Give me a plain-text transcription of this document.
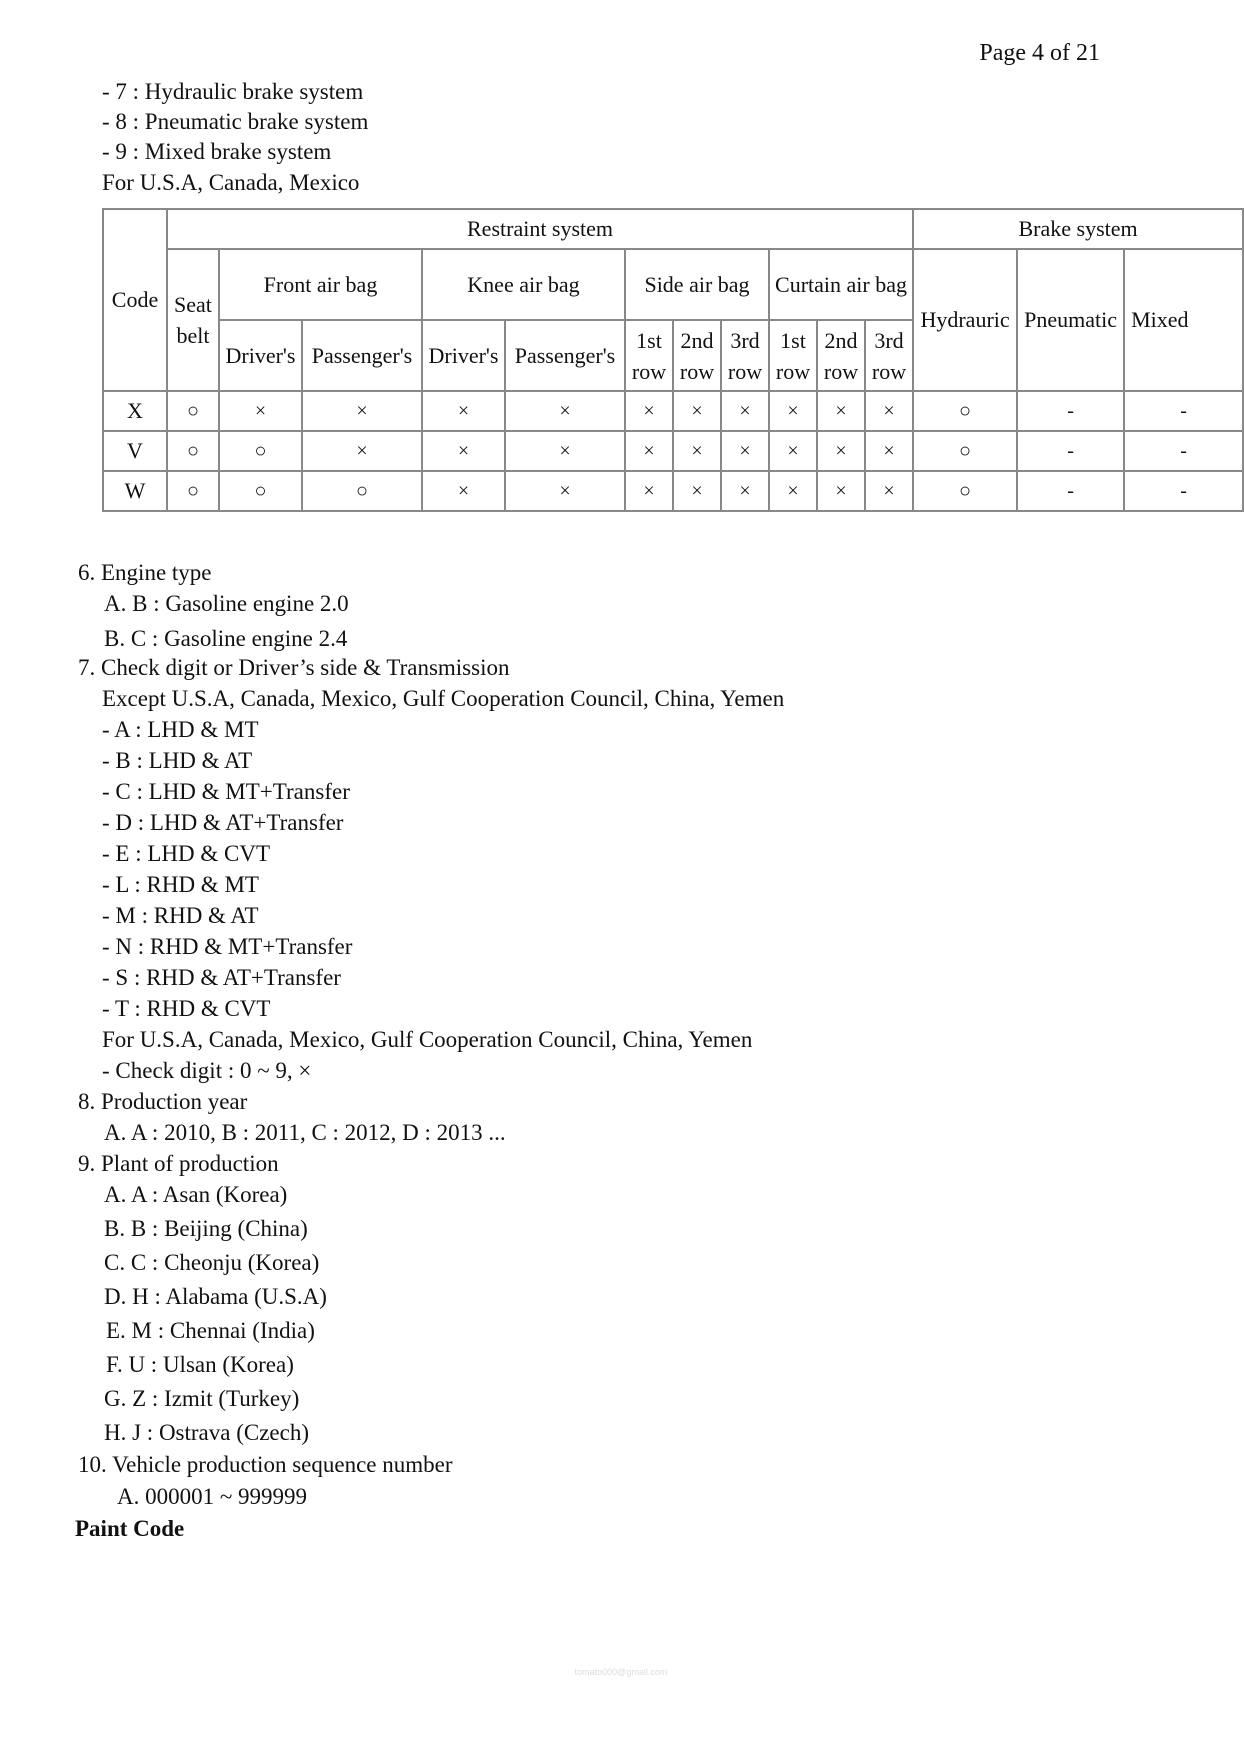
Page 4 of 21
- 7 : Hydraulic brake system
- 8 : Pneumatic brake system
- 9 : Mixed brake system
For U.S.A, Canada, Mexico
Code	Restraint system											Brake system		
	Seat belt	Front air bag		Knee air bag		Side air bag			Curtain air bag			Hydrauric	Pneumatic	Mixed
		Driver's	Passenger's	Driver's	Passenger's	1st row	2nd row	3rd row	1st row	2nd row	3rd row			
X	○	×	×	×	×	×	×	×	×	×	×	○	-	-
V	○	○	×	×	×	×	×	×	×	×	×	○	-	-
W	○	○	○	×	×	×	×	×	×	×	×	○	-	-
6. Engine type
A. B : Gasoline engine 2.0
B. C : Gasoline engine 2.4
7. Check digit or Driver’s side & Transmission
Except U.S.A, Canada, Mexico, Gulf Cooperation Council, China, Yemen
- A : LHD & MT
- B : LHD & AT
- C : LHD & MT+Transfer
- D : LHD & AT+Transfer
- E : LHD & CVT
- L : RHD & MT
- M : RHD & AT
- N : RHD & MT+Transfer
- S : RHD & AT+Transfer
- T : RHD & CVT
For U.S.A, Canada, Mexico, Gulf Cooperation Council, China, Yemen
- Check digit : 0 ~ 9, ×
8. Production year
A. A : 2010, B : 2011, C : 2012, D : 2013 ...
9. Plant of production
A. A : Asan (Korea)
B. B : Beijing (China)
C. C : Cheonju (Korea)
D. H : Alabama (U.S.A)
E. M : Chennai (India)
F. U : Ulsan (Korea)
G. Z : Izmit (Turkey)
H. J : Ostrava (Czech)
10. Vehicle production sequence number
A. 000001 ~ 999999
Paint Code
tomato000@gmail.com
